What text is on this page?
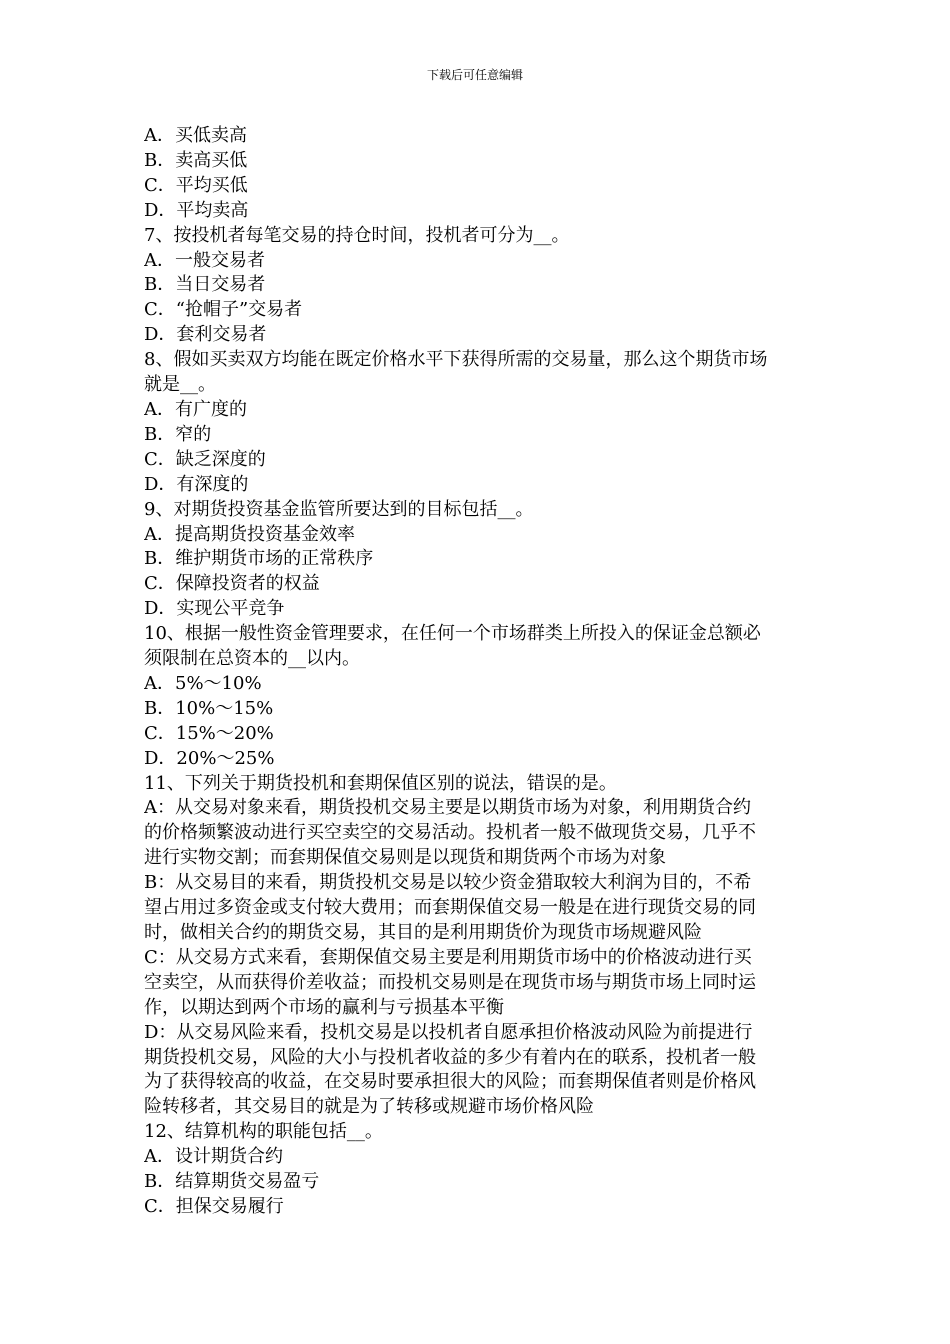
下载后可任意编辑
A．买低卖高
B．卖高买低
C．平均买低
D．平均卖高
7、按投机者每笔交易的持仓时间，投机者可分为__。
A．一般交易者
B．当日交易者
C．“抢帽子”交易者
D．套利交易者
8、假如买卖双方均能在既定价格水平下获得所需的交易量，那么这个期货市场
就是__。
A．有广度的
B．窄的
C．缺乏深度的
D．有深度的
9、对期货投资基金监管所要达到的目标包括__。
A．提高期货投资基金效率
B．维护期货市场的正常秩序
C．保障投资者的权益
D．实现公平竞争
10、根据一般性资金管理要求，在任何一个市场群类上所投入的保证金总额必
须限制在总资本的__以内。
A．5%～10%
B．10%～15%
C．15%～20%
D．20%～25%
11、下列关于期货投机和套期保值区别的说法，错误的是。
A：从交易对象来看，期货投机交易主要是以期货市场为对象，利用期货合约
的价格频繁波动进行买空卖空的交易活动。投机者一般不做现货交易，几乎不
进行实物交割；而套期保值交易则是以现货和期货两个市场为对象
B：从交易目的来看，期货投机交易是以较少资金猎取较大利润为目的，不希
望占用过多资金或支付较大费用；而套期保值交易一般是在进行现货交易的同
时，做相关合约的期货交易，其目的是利用期货价为现货市场规避风险
C：从交易方式来看，套期保值交易主要是利用期货市场中的价格波动进行买
空卖空，从而获得价差收益；而投机交易则是在现货市场与期货市场上同时运
作，以期达到两个市场的赢利与亏损基本平衡
D：从交易风险来看，投机交易是以投机者自愿承担价格波动风险为前提进行
期货投机交易，风险的大小与投机者收益的多少有着内在的联系，投机者一般
为了获得较高的收益，在交易时要承担很大的风险；而套期保值者则是价格风
险转移者，其交易目的就是为了转移或规避市场价格风险
12、结算机构的职能包括__。
A．设计期货合约
B．结算期货交易盈亏
C．担保交易履行
